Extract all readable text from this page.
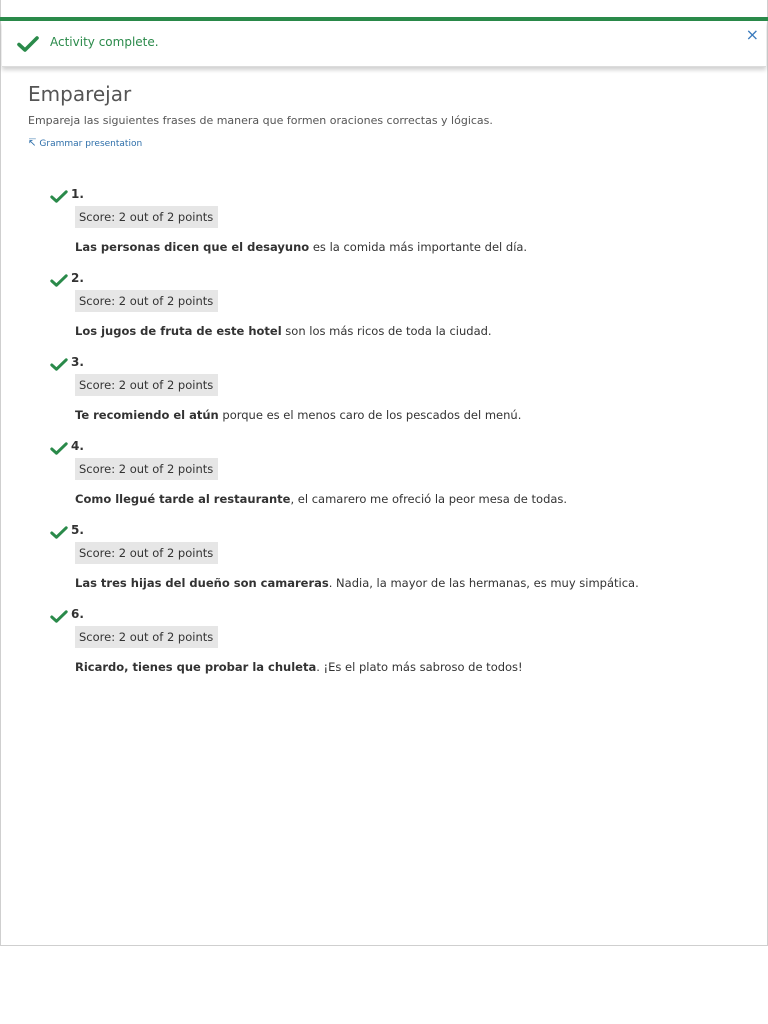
Activity complete.	×
Emparejar

Empareja las siguientes frases de manera que formen oraciones correctas y lógicas.

↸ Grammar presentation
1.
Score: 2 out of 2 points

Las personas dicen que el desayuno es la comida más importante del día.

2.
Score: 2 out of 2 points

Los jugos de fruta de este hotel son los más ricos de toda la ciudad.

3.
Score: 2 out of 2 points

Te recomiendo el atún porque es el menos caro de los pescados del menú.

4.
Score: 2 out of 2 points

Como llegué tarde al restaurante, el camarero me ofreció la peor mesa de todas.

5.
Score: 2 out of 2 points

Las tres hijas del dueño son camareras. Nadia, la mayor de las hermanas, es muy simpática.

6.
Score: 2 out of 2 points

Ricardo, tienes que probar la chuleta. ¡Es el plato más sabroso de todos!
